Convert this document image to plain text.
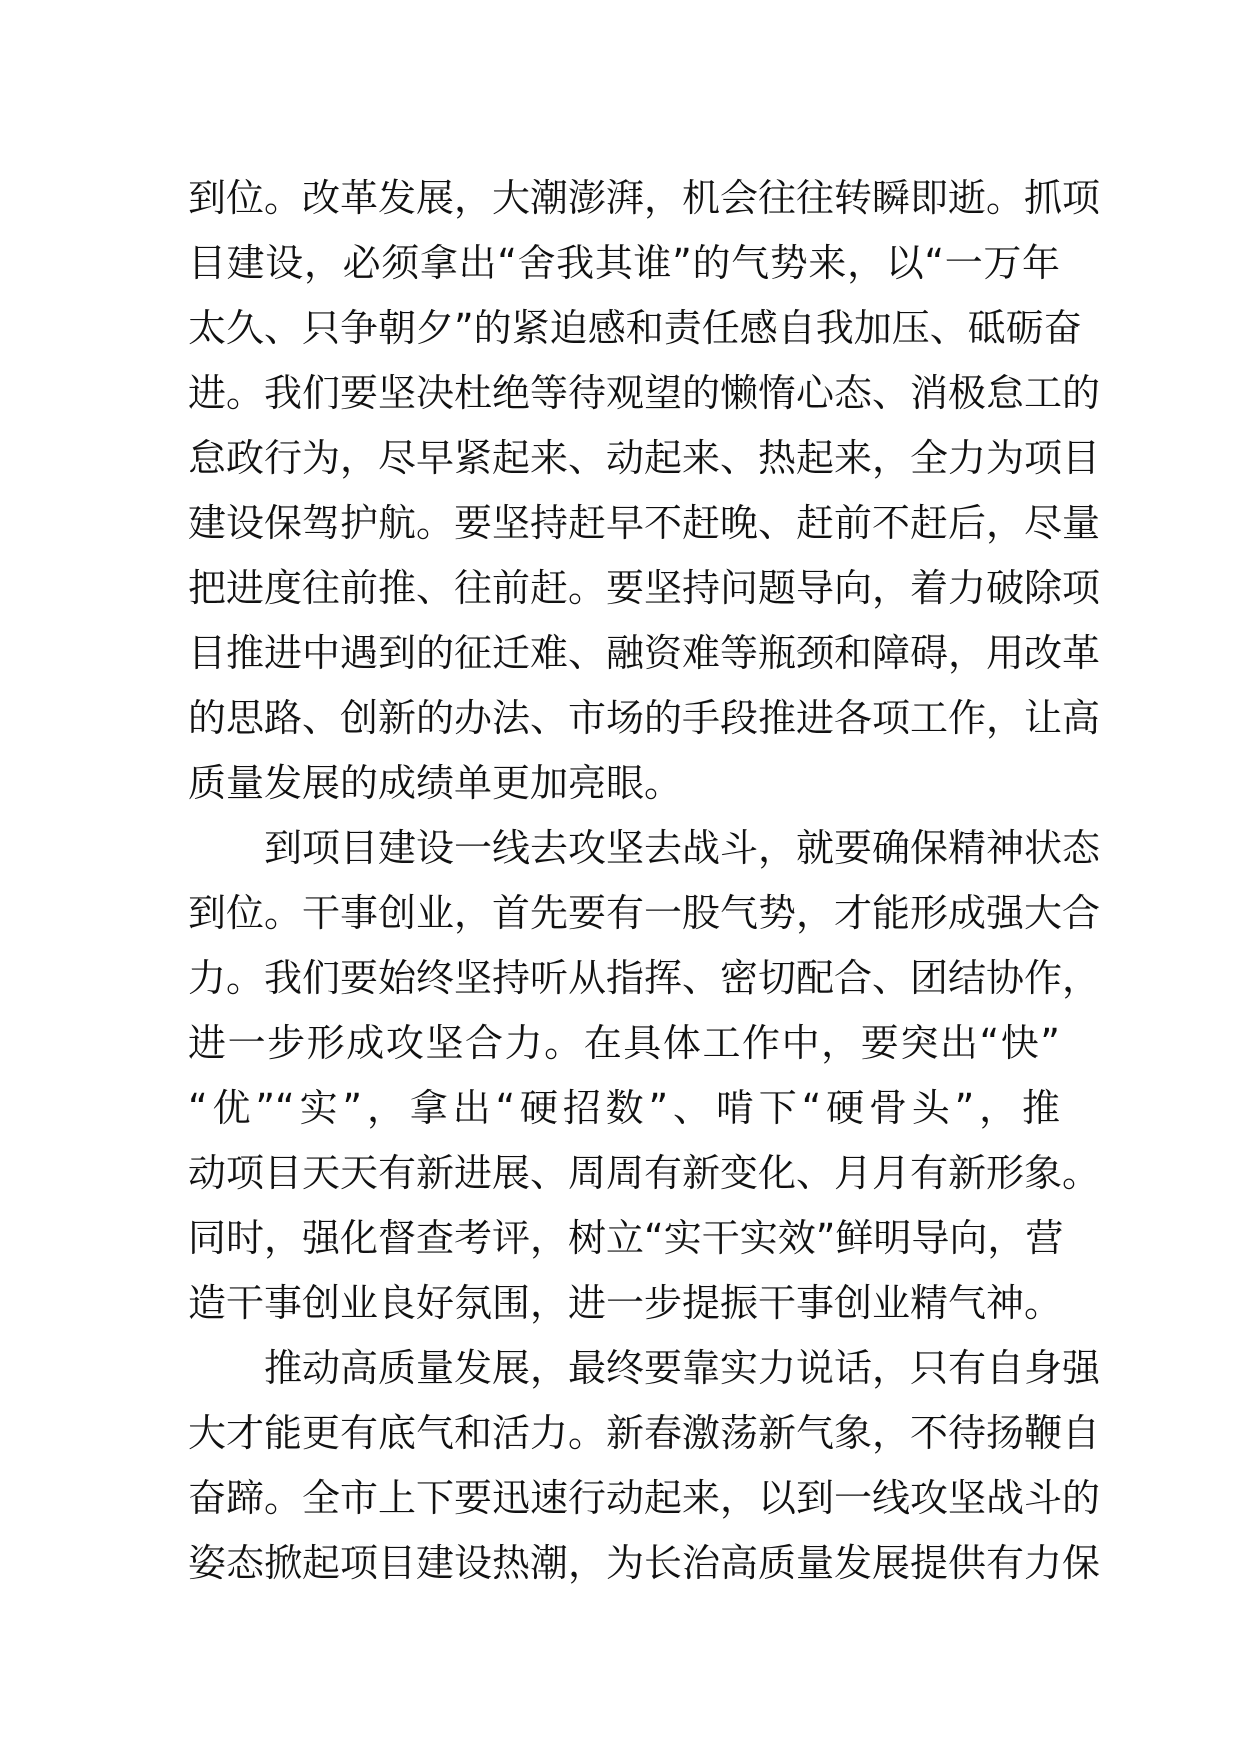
到位。改革发展，大潮澎湃，机会往往转瞬即逝。抓项
目建设，必须拿出“舍我其谁”的气势来，以“一万年
太久、只争朝夕”的紧迫感和责任感自我加压、砥砺奋
进。我们要坚决杜绝等待观望的懒惰心态、消极怠工的
怠政行为，尽早紧起来、动起来、热起来，全力为项目
建设保驾护航。要坚持赶早不赶晚、赶前不赶后，尽量
把进度往前推、往前赶。要坚持问题导向，着力破除项
目推进中遇到的征迁难、融资难等瓶颈和障碍，用改革
的思路、创新的办法、市场的手段推进各项工作，让高
质量发展的成绩单更加亮眼。
到项目建设一线去攻坚去战斗，就要确保精神状态
到位。干事创业，首先要有一股气势，才能形成强大合
力。我们要始终坚持听从指挥、密切配合、团结协作，
进一步形成攻坚合力。在具体工作中，要突出“快”
“优”“实”，拿出“硬招数”、啃下“硬骨头”，推
动项目天天有新进展、周周有新变化、月月有新形象。
同时，强化督查考评，树立“实干实效”鲜明导向，营
造干事创业良好氛围，进一步提振干事创业精气神。
推动高质量发展，最终要靠实力说话，只有自身强
大才能更有底气和活力。新春激荡新气象，不待扬鞭自
奋蹄。全市上下要迅速行动起来，以到一线攻坚战斗的
姿态掀起项目建设热潮，为长治高质量发展提供有力保
